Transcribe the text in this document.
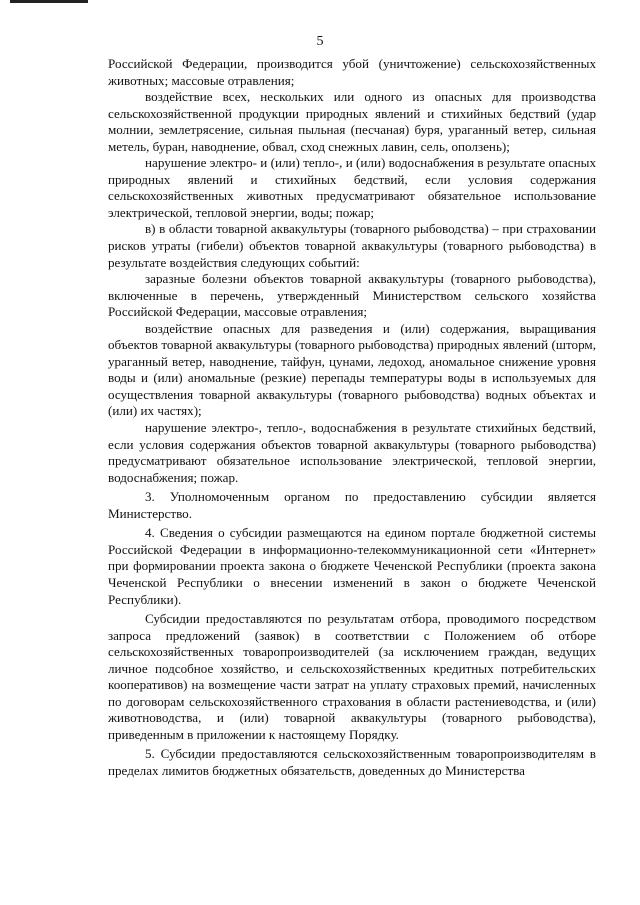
5

Российской Федерации, производится убой (уничтожение) сельскохозяйственных животных; массовые отравления;

воздействие всех, нескольких или одного из опасных для производства сельскохозяйственной продукции природных явлений и стихийных бедствий (удар молнии, землетрясение, сильная пыльная (песчаная) буря, ураганный ветер, сильная метель, буран, наводнение, обвал, сход снежных лавин, сель, оползень);

нарушение электро- и (или) тепло-, и (или) водоснабжения в результате опасных природных явлений и стихийных бедствий, если условия содержания сельскохозяйственных животных предусматривают обязательное использование электрической, тепловой энергии, воды; пожар;

в) в области товарной аквакультуры (товарного рыбоводства) – при страховании рисков утраты (гибели) объектов товарной аквакультуры (товарного рыбоводства) в результате воздействия следующих событий:

заразные болезни объектов товарной аквакультуры (товарного рыбоводства), включенные в перечень, утвержденный Министерством сельского хозяйства Российской Федерации, массовые отравления;

воздействие опасных для разведения и (или) содержания, выращивания объектов товарной аквакультуры (товарного рыбоводства) природных явлений (шторм, ураганный ветер, наводнение, тайфун, цунами, ледоход, аномальное снижение уровня воды и (или) аномальные (резкие) перепады температуры воды в используемых для осуществления товарной аквакультуры (товарного рыбоводства) водных объектах и (или) их частях);

нарушение электро-, тепло-, водоснабжения в результате стихийных бедствий, если условия содержания объектов товарной аквакультуры (товарного рыбоводства) предусматривают обязательное использование электрической, тепловой энергии, водоснабжения; пожар.

3. Уполномоченным органом по предоставлению субсидии является Министерство.

4. Сведения о субсидии размещаются на едином портале бюджетной системы Российской Федерации в информационно-телекоммуникационной сети «Интернет» при формировании проекта закона о бюджете Чеченской Республики (проекта закона Чеченской Республики о внесении изменений в закон о бюджете Чеченской Республики).

Субсидии предоставляются по результатам отбора, проводимого посредством запроса предложений (заявок) в соответствии с Положением об отборе сельскохозяйственных товаропроизводителей (за исключением граждан, ведущих личное подсобное хозяйство, и сельскохозяйственных кредитных потребительских кооперативов) на возмещение части затрат на уплату страховых премий, начисленных по договорам сельскохозяйственного страхования в области растениеводства, и (или) животноводства, и (или) товарной аквакультуры (товарного рыбоводства), приведенным в приложении к настоящему Порядку.

5. Субсидии предоставляются сельскохозяйственным товаропроизводителям в пределах лимитов бюджетных обязательств, доведенных до Министерства
